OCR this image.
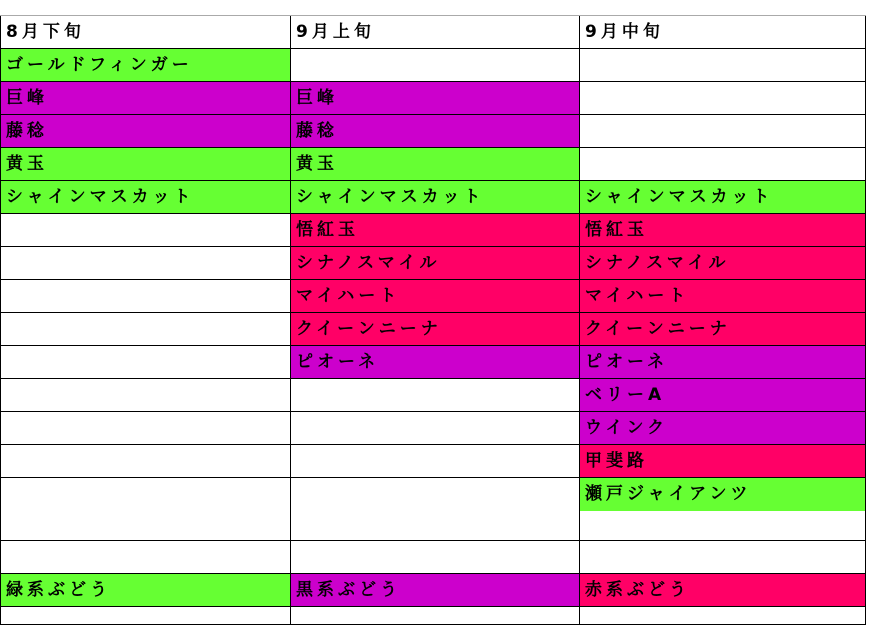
8月下旬
ゴールドフィンガー
巨峰
藤稔
黄玉
シャインマスカット
緑系ぶどう
9月上旬
巨峰
藤稔
黄玉
シャインマスカット
悟紅玉
シナノスマイル
マイハート
クイーンニーナ
ピオーネ
黒系ぶどう
9月中旬
シャインマスカット
悟紅玉
シナノスマイル
マイハート
クイーンニーナ
ピオーネ
ベリーA
ウインク
甲斐路
瀬戸ジャイアンツ
赤系ぶどう
